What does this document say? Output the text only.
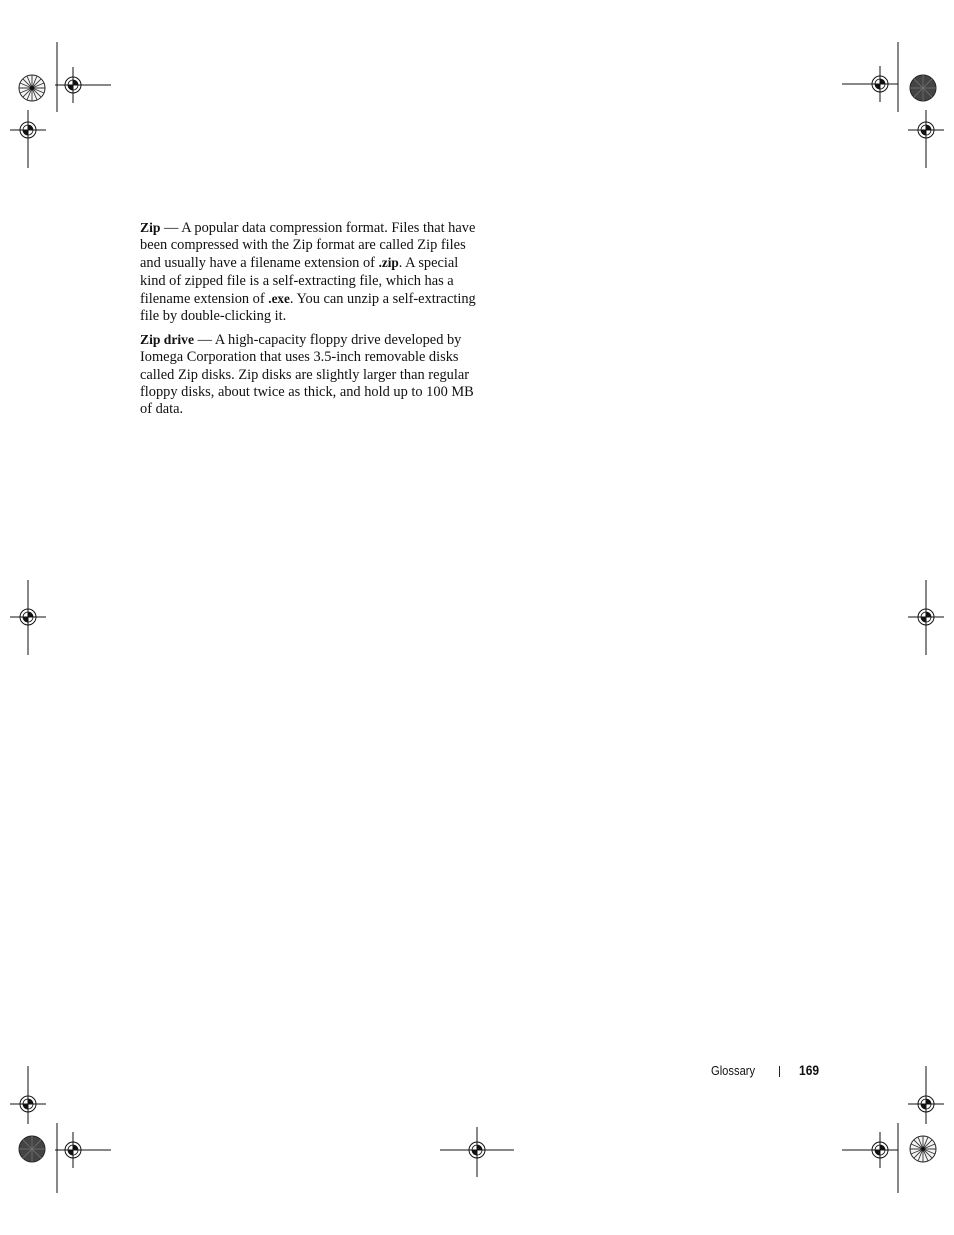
Zip — A popular data compression format. Files that have been compressed with the Zip format are called Zip files and usually have a filename extension of .zip. A special kind of zipped file is a self-extracting file, which has a filename extension of .exe. You can unzip a self-extracting file by double-clicking it.

Zip drive — A high-capacity floppy drive developed by Iomega Corporation that uses 3.5-inch removable disks called Zip disks. Zip disks are slightly larger than regular floppy disks, about twice as thick, and hold up to 100 MB of data.

Glossary	169
